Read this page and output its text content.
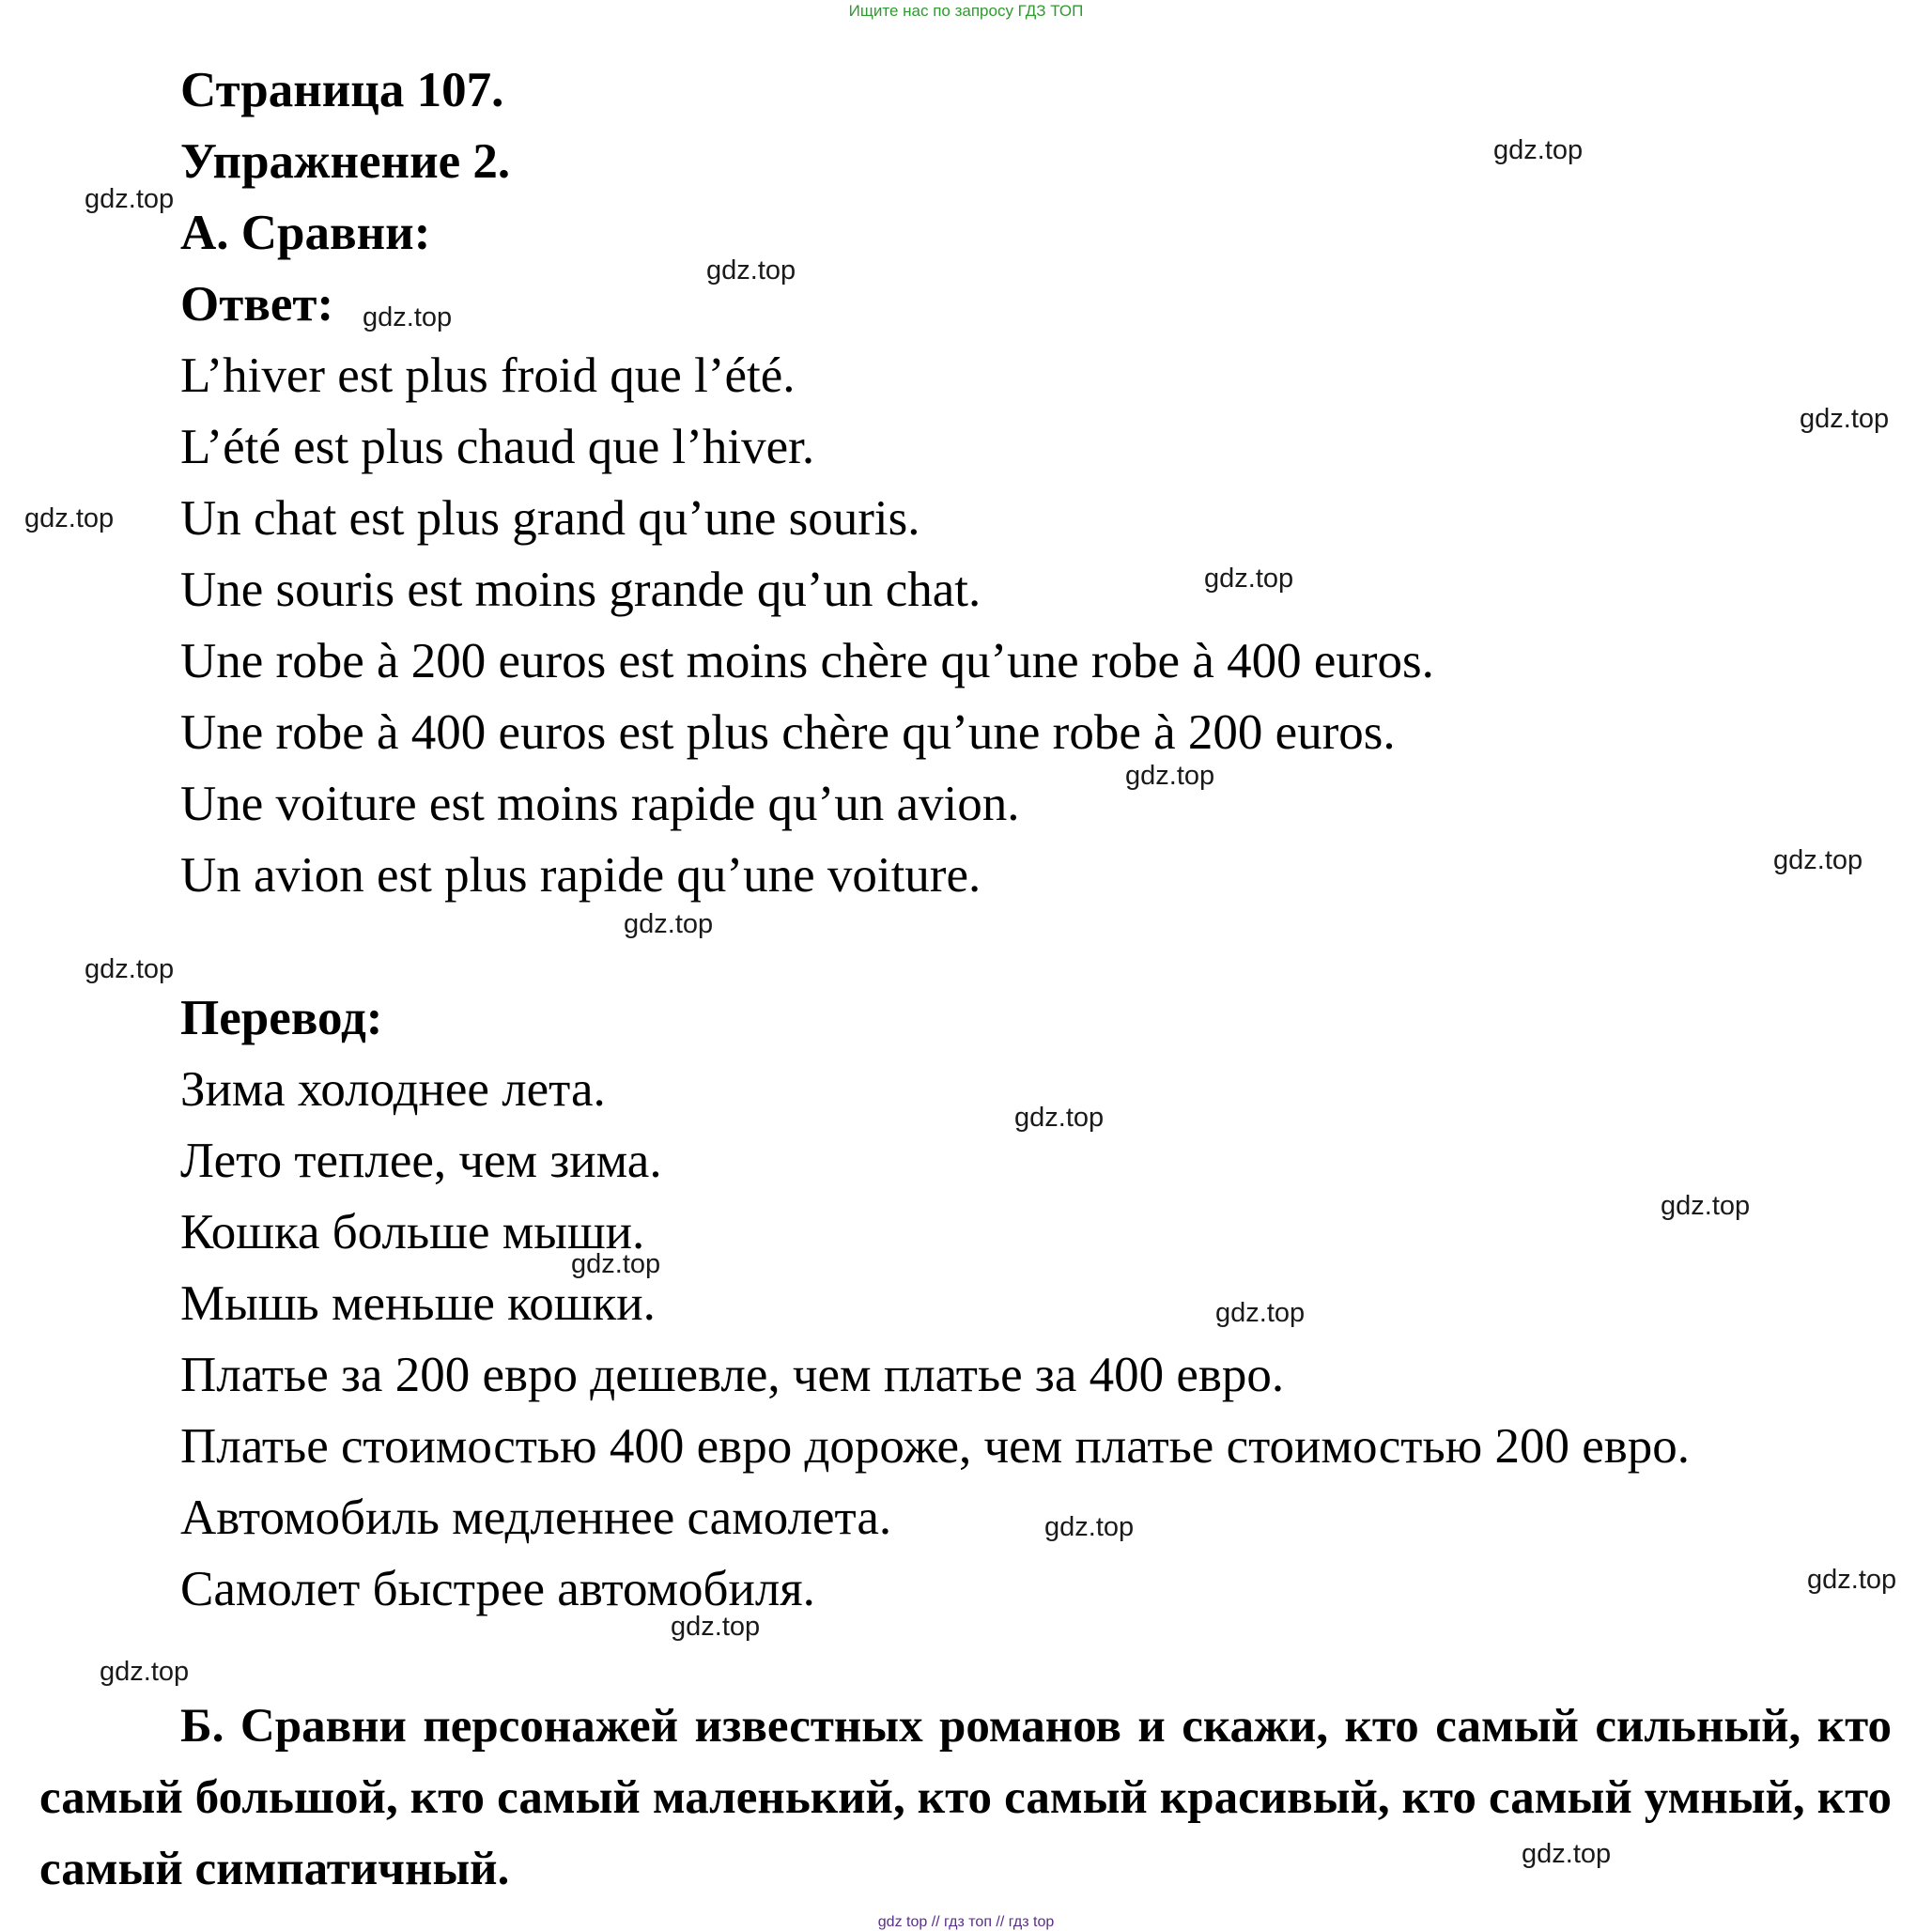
Ищите нас по запросу ГДЗ ТОП
Страница 107.
Упражнение 2.
А. Сравни:
Ответ:
L’hiver est plus froid que l’été.
L’été est plus chaud que l’hiver.
Un chat est plus grand qu’une souris.
Une souris est moins grande qu’un chat.
Une robe à 200 euros est moins chère qu’une robe à 400 euros.
Une robe à 400 euros est plus chère qu’une robe à 200 euros.
Une voiture est moins rapide qu’un avion.
Un avion est plus rapide qu’une voiture.
Перевод:
Зима холоднее лета.
Лето теплее, чем зима.
Кошка больше мыши.
Мышь меньше кошки.
Платье за 200 евро дешевле, чем платье за 400 евро.
Платье стоимостью 400 евро дороже, чем платье стоимостью 200 евро.
Автомобиль медленнее самолета.
Самолет быстрее автомобиля.
Б. Сравни персонажей известных романов и скажи, кто самый сильный, кто самый большой, кто самый маленький, кто самый красивый, кто самый умный, кто самый симпатичный.
gdz.top
gdz.top
gdz.top
gdz.top
gdz.top
gdz.top
gdz.top
gdz.top
gdz.top
gdz.top
gdz.top
gdz.top
gdz.top
gdz.top
gdz.top
gdz.top
gdz.top
gdz.top
gdz.top
gdz.top
gdz top // гдз топ // гдз top
